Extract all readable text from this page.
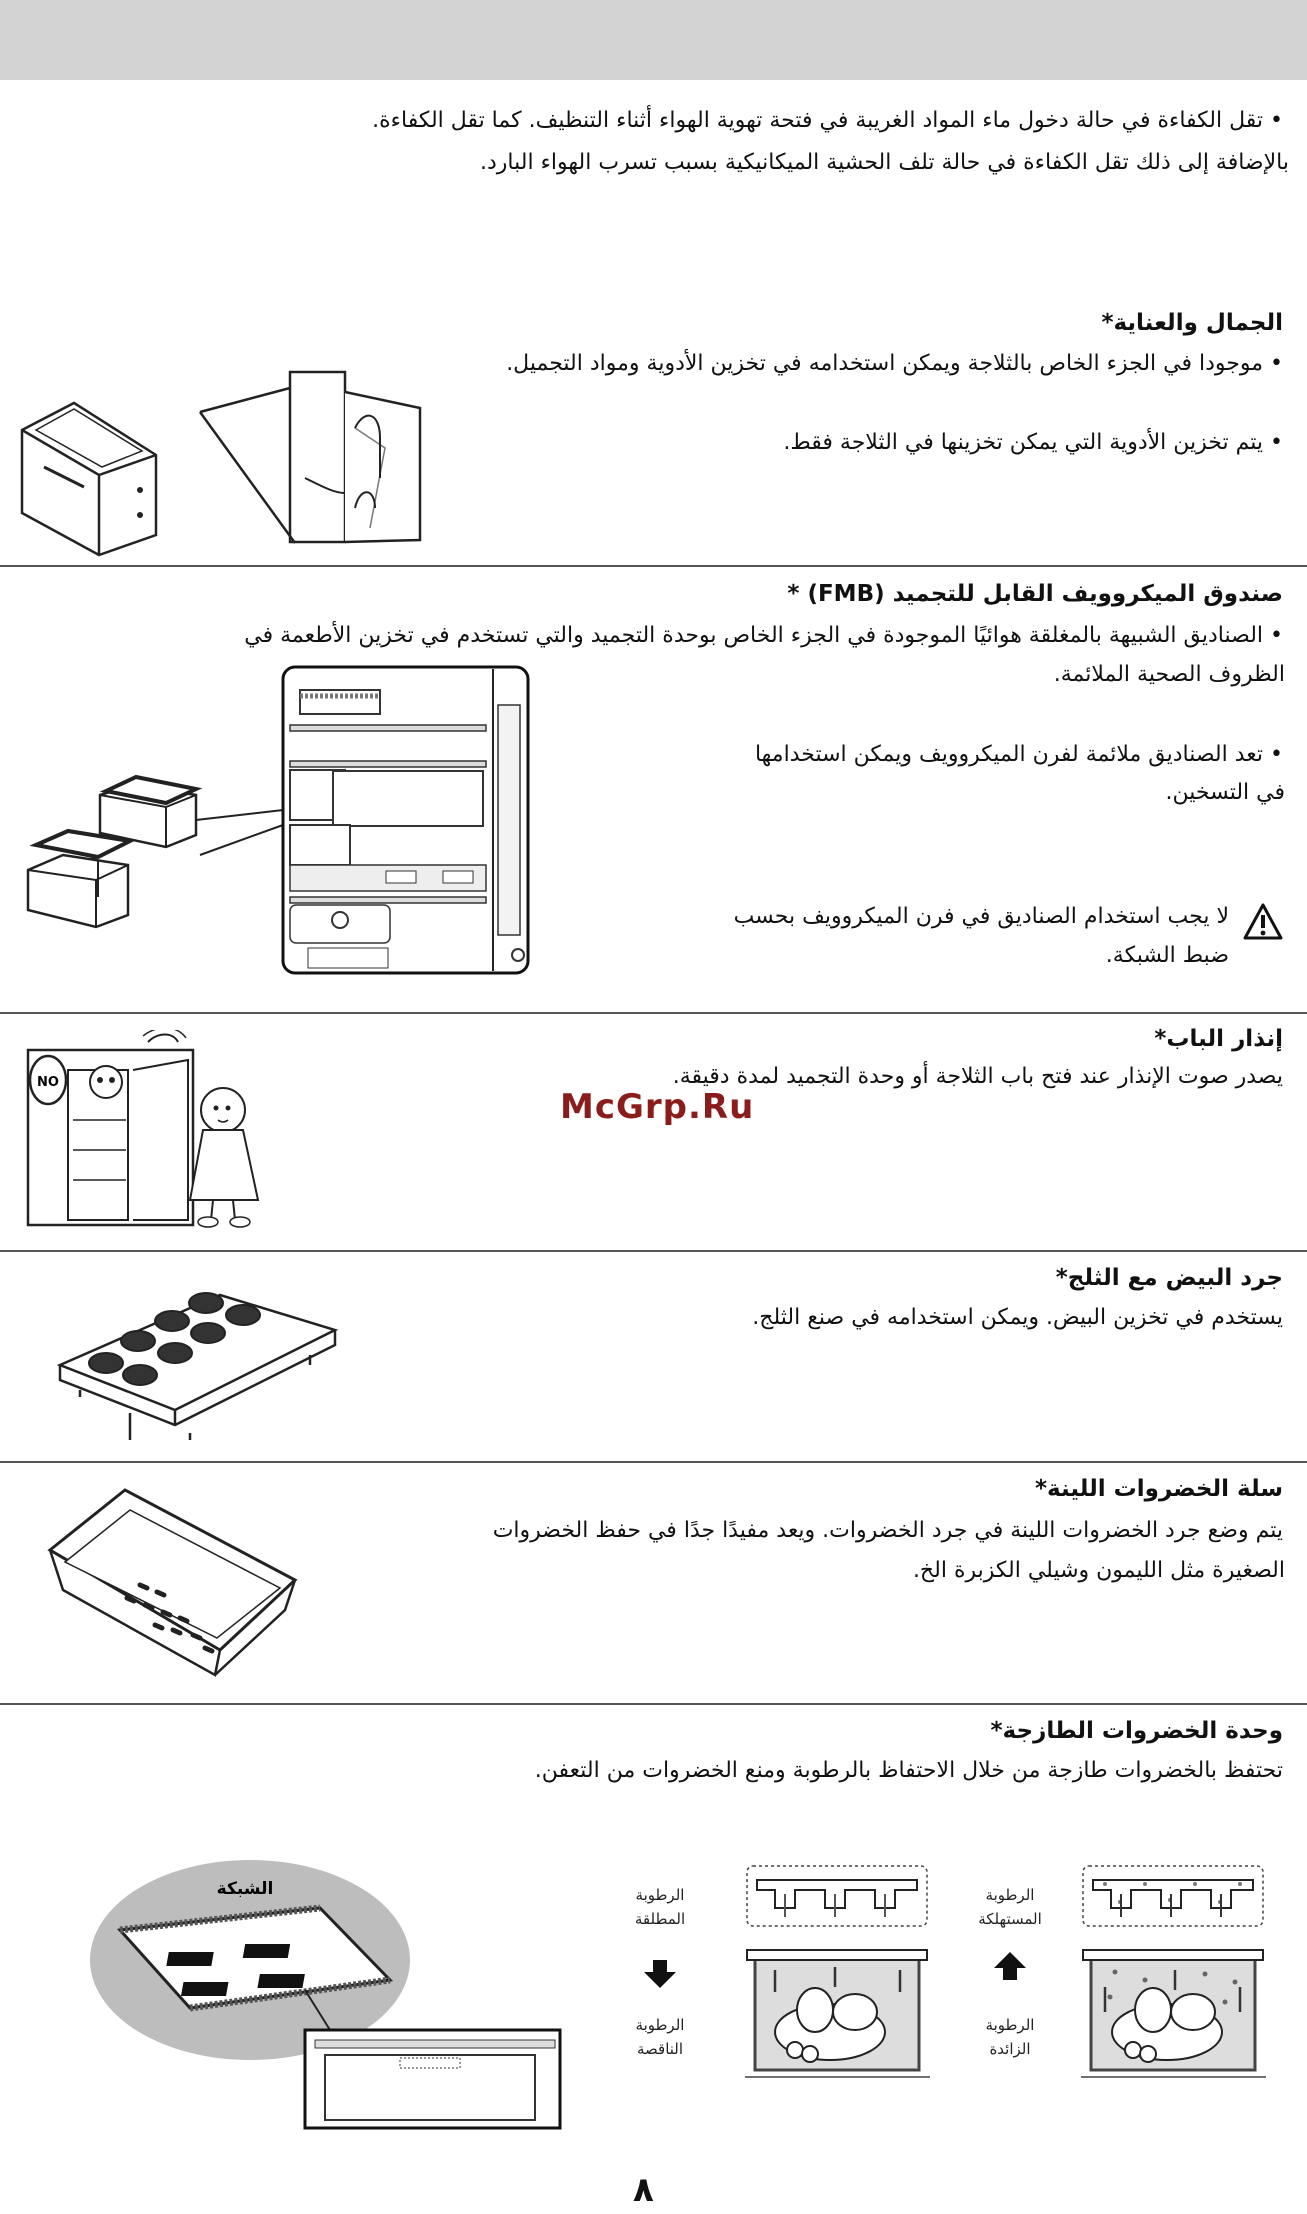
• تقل الكفاءة في حالة دخول ماء المواد الغريبة في فتحة تهوية الهواء أثناء التنظيف. كما تقل الكفاءة.
بالإضافة إلى ذلك تقل الكفاءة في حالة تلف الحشية الميكانيكية بسبب تسرب الهواء البارد.
الجمال والعناية*
• موجودا في الجزء الخاص بالثلاجة ويمكن استخدامه في تخزين الأدوية ومواد التجميل.
• يتم تخزين الأدوية التي يمكن تخزينها في الثلاجة فقط.
صندوق الميكروويف القابل للتجميد (FMB) *
• الصناديق الشبيهة بالمغلقة هوائيًا الموجودة في الجزء الخاص بوحدة التجميد والتي تستخدم في تخزين الأطعمة في
الظروف الصحية الملائمة.
• تعد الصناديق ملائمة لفرن الميكروويف ويمكن استخدامها
في التسخين.
لا يجب استخدام الصناديق في فرن الميكروويف بحسب
ضبط الشبكة.
إنذار الباب*
يصدر صوت الإنذار عند فتح باب الثلاجة أو وحدة التجميد لمدة دقيقة.
NO
جرد البيض مع الثلج*
يستخدم في تخزين البيض. ويمكن استخدامه في صنع الثلج.
سلة الخضروات اللينة*
يتم وضع جرد الخضروات اللينة في جرد الخضروات. ويعد مفيدًا جدًا في حفظ الخضروات
الصغيرة مثل الليمون وشيلي الكزبرة الخ.
وحدة الخضروات الطازجة*
تحتفظ بالخضروات طازجة من خلال الاحتفاظ بالرطوبة ومنع الخضروات من التعفن.
الشبكة	الرطوبة
المطلقة
الرطوبة
الناقصة
الرطوبة
المستهلكة
الرطوبة
الزائدة
McGrp.Ru
٨
